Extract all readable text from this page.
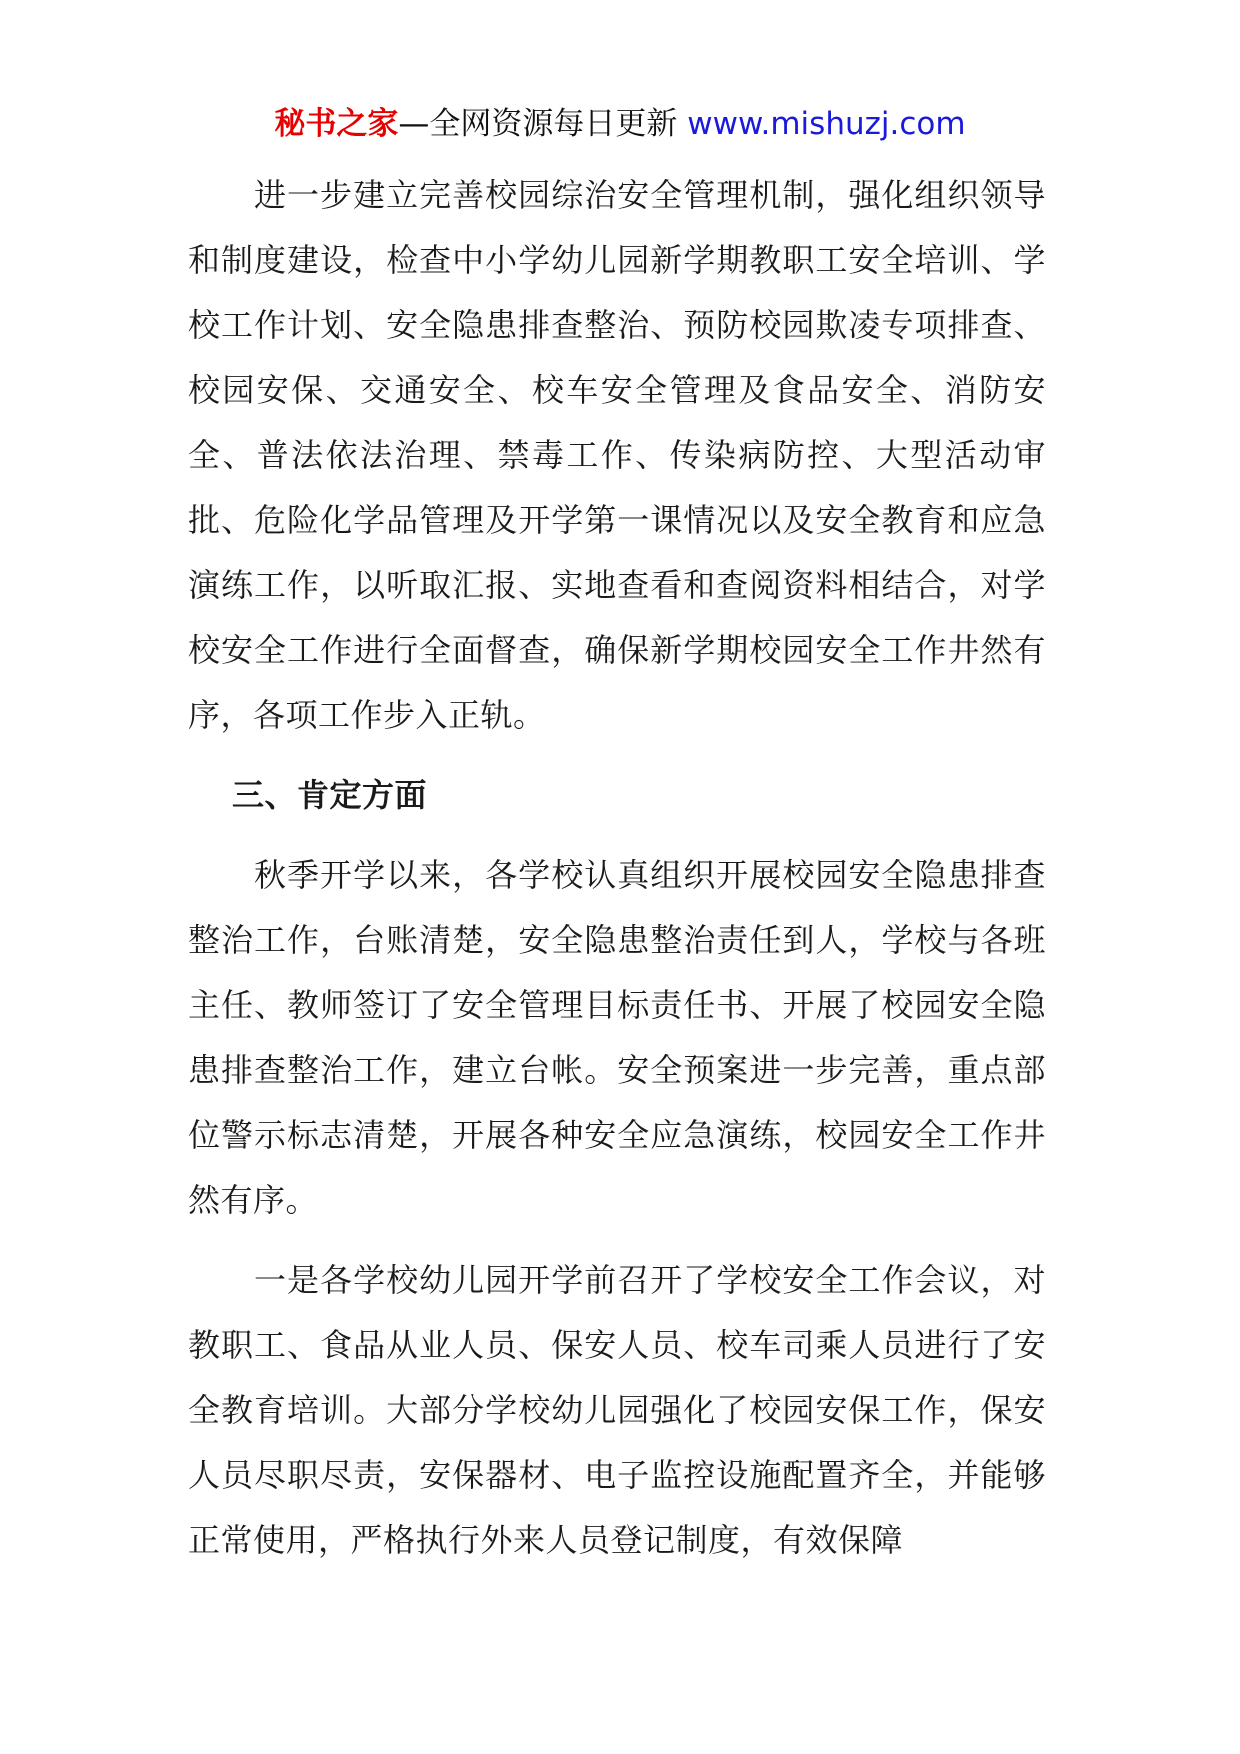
秘书之家—全网资源每日更新 www.mishuzj.com

进一步建立完善校园综治安全管理机制，强化组织领导和制度建设，检查中小学幼儿园新学期教职工安全培训、学校工作计划、安全隐患排查整治、预防校园欺凌专项排查、校园安保、交通安全、校车安全管理及食品安全、消防安全、普法依法治理、禁毒工作、传染病防控、大型活动审批、危险化学品管理及开学第一课情况以及安全教育和应急演练工作，以听取汇报、实地查看和查阅资料相结合，对学校安全工作进行全面督查，确保新学期校园安全工作井然有序，各项工作步入正轨。

三、肯定方面

秋季开学以来，各学校认真组织开展校园安全隐患排查整治工作，台账清楚，安全隐患整治责任到人，学校与各班主任、教师签订了安全管理目标责任书、开展了校园安全隐患排查整治工作，建立台帐。安全预案进一步完善，重点部位警示标志清楚，开展各种安全应急演练，校园安全工作井然有序。

一是各学校幼儿园开学前召开了学校安全工作会议，对教职工、食品从业人员、保安人员、校车司乘人员进行了安全教育培训。大部分学校幼儿园强化了校园安保工作，保安人员尽职尽责，安保器材、电子监控设施配置齐全，并能够正常使用，严格执行外来人员登记制度，有效保障
